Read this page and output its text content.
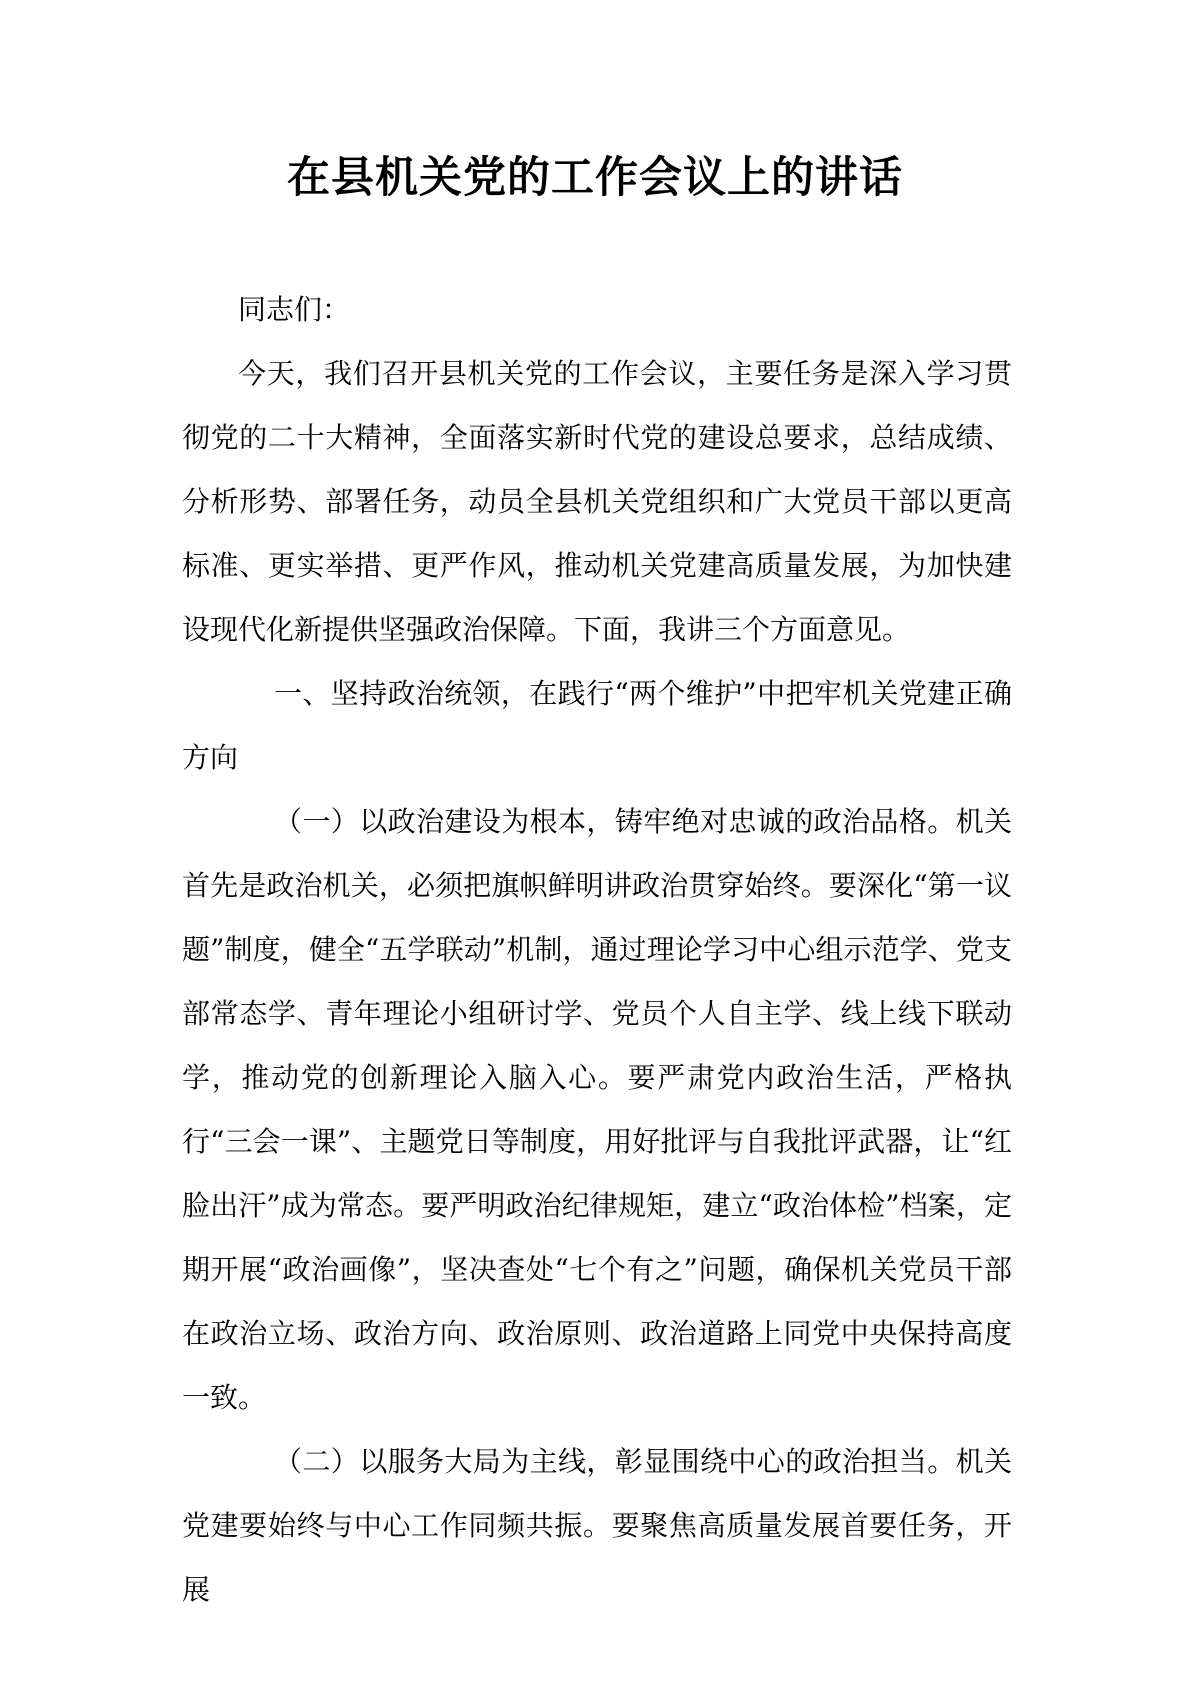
在县机关党的工作会议上的讲话

同志们：

今天，我们召开县机关党的工作会议，主要任务是深入学习贯彻党的二十大精神，全面落实新时代党的建设总要求，总结成绩、分析形势、部署任务，动员全县机关党组织和广大党员干部以更高标准、更实举措、更严作风，推动机关党建高质量发展，为加快建设现代化新提供坚强政治保障。下面，我讲三个方面意见。

一、坚持政治统领，在践行“两个维护”中把牢机关党建正确方向

（一）以政治建设为根本，铸牢绝对忠诚的政治品格。机关首先是政治机关，必须把旗帜鲜明讲政治贯穿始终。要深化“第一议题”制度，健全“五学联动”机制，通过理论学习中心组示范学、党支部常态学、青年理论小组研讨学、党员个人自主学、线上线下联动学，推动党的创新理论入脑入心。要严肃党内政治生活，严格执行“三会一课”、主题党日等制度，用好批评与自我批评武器，让“红脸出汗”成为常态。要严明政治纪律规矩，建立“政治体检”档案，定期开展“政治画像”，坚决查处“七个有之”问题，确保机关党员干部在政治立场、政治方向、政治原则、政治道路上同党中央保持高度一致。

（二）以服务大局为主线，彰显围绕中心的政治担当。机关党建要始终与中心工作同频共振。要聚焦高质量发展首要任务，开展
